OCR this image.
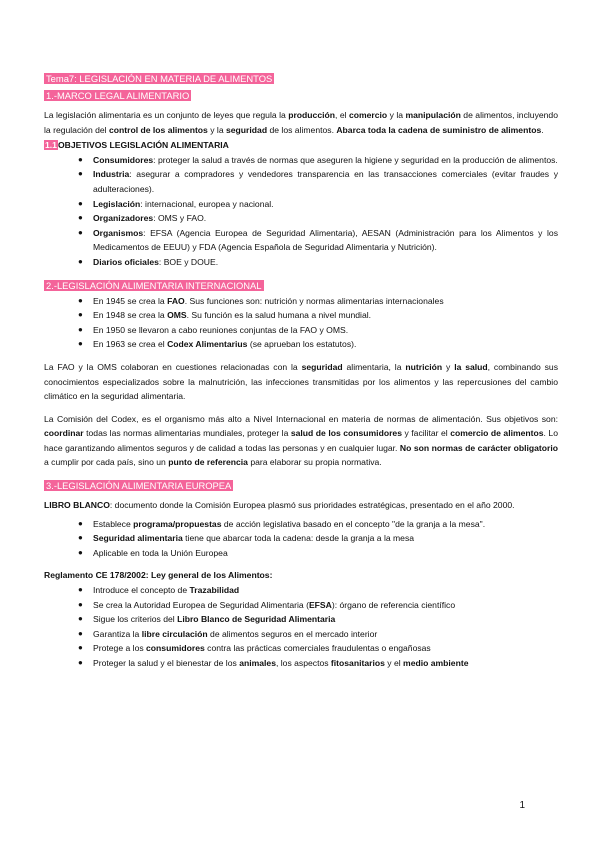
Tema7: LEGISLACIÓN EN MATERIA DE ALIMENTOS
1.-MARCO LEGAL ALIMENTARIO

La legislación alimentaria es un conjunto de leyes que regula la producción, el comercio y la manipulación de alimentos, incluyendo la regulación del control de los alimentos y la seguridad de los alimentos. Abarca toda la cadena de suministro de alimentos.

1.1OBJETIVOS LEGISLACIÓN ALIMENTARIA
● Consumidores: proteger la salud a través de normas que aseguren la higiene y seguridad en la producción de alimentos.
● Industria: asegurar a compradores y vendedores transparencia en las transacciones comerciales (evitar fraudes y adulteraciones).
● Legislación: internacional, europea y nacional.
● Organizadores: OMS y FAO.
● Organismos: EFSA (Agencia Europea de Seguridad Alimentaria), AESAN (Administración para los Alimentos y los Medicamentos de EEUU) y FDA (Agencia Española de Seguridad Alimentaria y Nutrición).
● Diarios oficiales: BOE y DOUE.
2.-LEGISLACIÓN ALIMENTARIA INTERNACIONAL
● En 1945 se crea la FAO. Sus funciones son: nutrición y normas alimentarias internacionales
● En 1948 se crea la OMS. Su función es la salud humana a nivel mundial.
● En 1950 se llevaron a cabo reuniones conjuntas de la FAO y OMS.
● En 1963 se crea el Codex Alimentarius (se aprueban los estatutos).

La FAO y la OMS colaboran en cuestiones relacionadas con la seguridad alimentaria, la nutrición y la salud, combinando sus conocimientos especializados sobre la malnutrición, las infecciones transmitidas por los alimentos y las repercusiones del cambio climático en la seguridad alimentaria.

La Comisión del Codex, es el organismo más alto a Nivel Internacional en materia de normas de alimentación. Sus objetivos son: coordinar todas las normas alimentarias mundiales, proteger la salud de los consumidores y facilitar el comercio de alimentos. Lo hace garantizando alimentos seguros y de calidad a todas las personas y en cualquier lugar. No son normas de carácter obligatorio a cumplir por cada país, sino un punto de referencia para elaborar su propia normativa.

3.-LEGISLACIÓN ALIMENTARIA EUROPEA

LIBRO BLANCO: documento donde la Comisión Europea plasmó sus prioridades estratégicas, presentado en el año 2000.

● Establece programa/propuestas de acción legislativa basado en el concepto "de la granja a la mesa".
● Seguridad alimentaria tiene que abarcar toda la cadena: desde la granja a la mesa
● Aplicable en toda la Unión Europea

Reglamento CE 178/2002: Ley general de los Alimentos:

● Introduce el concepto de Trazabilidad
● Se crea la Autoridad Europea de Seguridad Alimentaria (EFSA): órgano de referencia científico
● Sigue los criterios del Libro Blanco de Seguridad Alimentaria
● Garantiza la libre circulación de alimentos seguros en el mercado interior
● Protege a los consumidores contra las prácticas comerciales fraudulentas o engañosas
● Proteger la salud y el bienestar de los animales, los aspectos fitosanitarios y el medio ambiente
1
